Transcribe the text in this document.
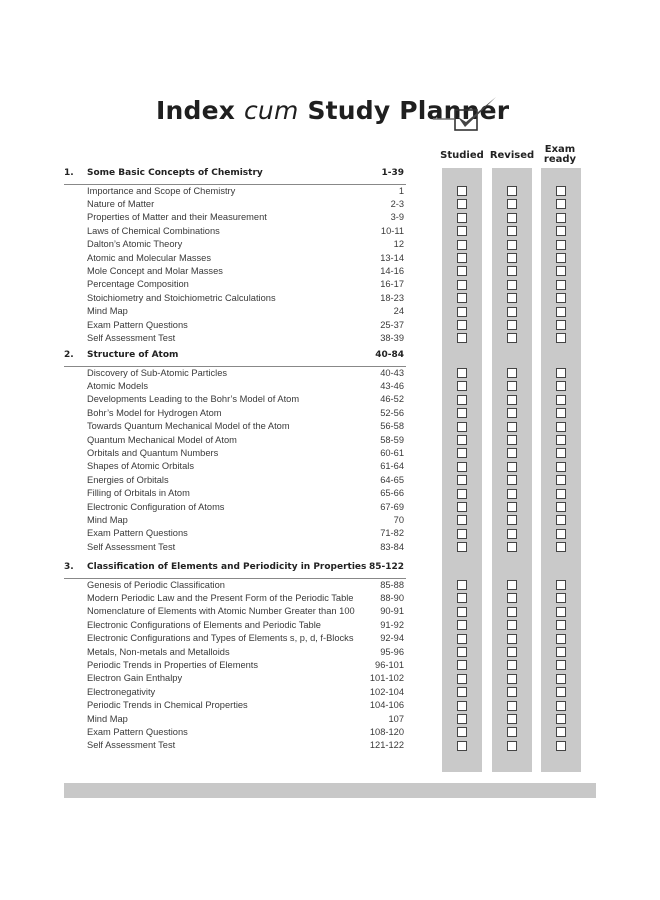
Index cum Study Planner
Studied Revised
Exam
ready
1. Some Basic Concepts of Chemistry	1-39
Importance and Scope of Chemistry	1
Nature of Matter	2-3
Properties of Matter and their Measurement	3-9
Laws of Chemical Combinations	10-11
Dalton’s Atomic Theory	12
Atomic and Molecular Masses	13-14
Mole Concept and Molar Masses	14-16
Percentage Composition	16-17
Stoichiometry and Stoichiometric Calculations	18-23
Mind Map	24
Exam Pattern Questions	25-37
Self Assessment Test	38-39
2. Structure of Atom	40-84
Discovery of Sub-Atomic Particles	40-43
Atomic Models	43-46
Developments Leading to the Bohr’s Model of Atom	46-52
Bohr’s Model for Hydrogen Atom	52-56
Towards Quantum Mechanical Model of the Atom	56-58
Quantum Mechanical Model of Atom	58-59
Orbitals and Quantum Numbers	60-61
Shapes of Atomic Orbitals	61-64
Energies of Orbitals	64-65
Filling of Orbitals in Atom	65-66
Electronic Configuration of Atoms	67-69
Mind Map	70
Exam Pattern Questions	71-82
Self Assessment Test	83-84
3. Classification of Elements and Periodicity in Properties 85-122
Genesis of Periodic Classification	85-88
Modern Periodic Law and the Present Form of the Periodic Table	88-90
Nomenclature of Elements with Atomic Number Greater than 100	90-91
Electronic Configurations of Elements and Periodic Table	91-92
Electronic Configurations and Types of Elements s, p, d, f-Blocks	92-94
Metals, Non-metals and Metalloids	95-96
Periodic Trends in Properties of Elements	96-101
Electron Gain Enthalpy	101-102
Electronegativity	102-104
Periodic Trends in Chemical Properties	104-106
Mind Map	107
Exam Pattern Questions	108-120
Self Assessment Test	121-122
